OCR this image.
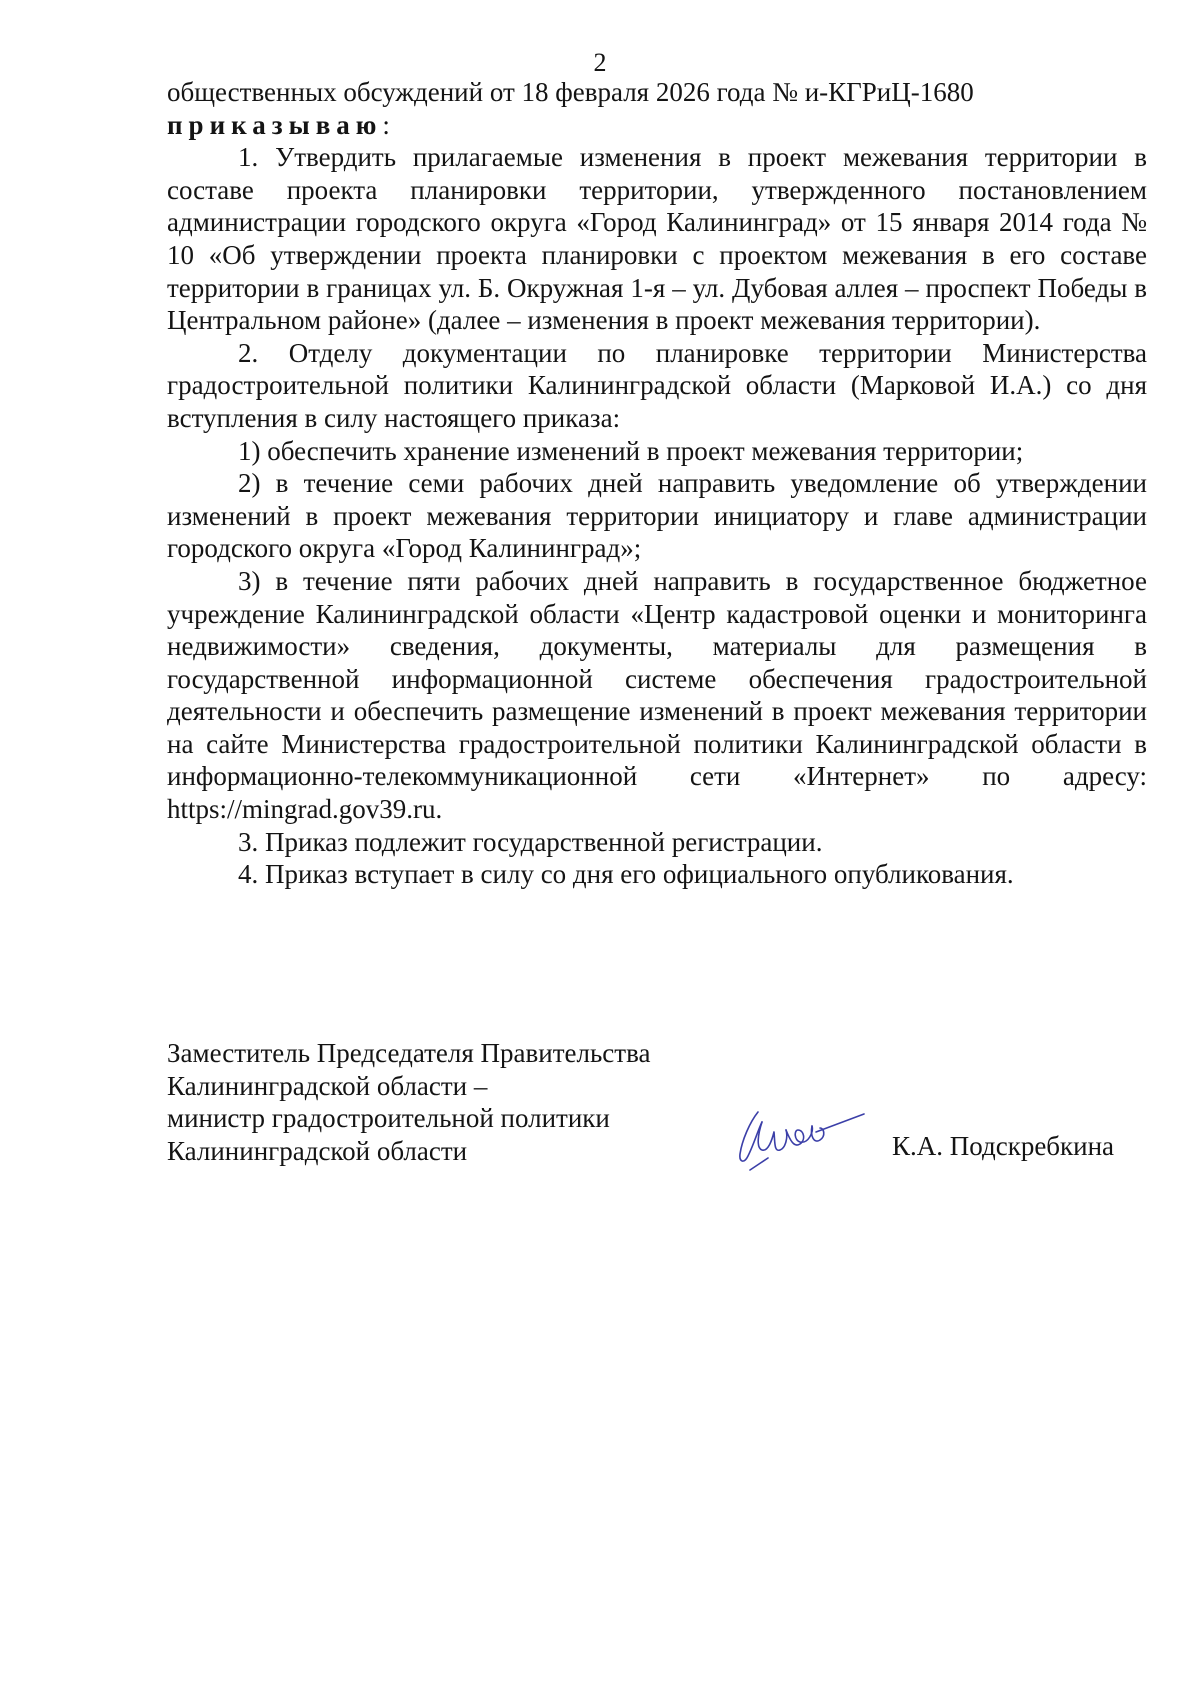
2

общественных обсуждений от 18 февраля 2026 года № и-КГРиЦ-1680
приказываю:

1. Утвердить прилагаемые изменения в проект межевания территории в составе проекта планировки территории, утвержденного постановлением администрации городского округа «Город Калининград» от 15 января 2014 года № 10 «Об утверждении проекта планировки с проектом межевания в его составе территории в границах ул. Б. Окружная 1-я – ул. Дубовая аллея – проспект Победы в Центральном районе» (далее – изменения в проект межевания территории).

2. Отделу документации по планировке территории Министерства градостроительной политики Калининградской области (Марковой И.А.) со дня вступления в силу настоящего приказа:

1) обеспечить хранение изменений в проект межевания территории;

2) в течение семи рабочих дней направить уведомление об утверждении изменений в проект межевания территории инициатору и главе администрации городского округа «Город Калининград»;

3) в течение пяти рабочих дней направить в государственное бюджетное учреждение Калининградской области «Центр кадастровой оценки и мониторинга недвижимости» сведения, документы, материалы для размещения в государственной информационной системе обеспечения градостроительной деятельности и обеспечить размещение изменений в проект межевания территории на сайте Министерства градостроительной политики Калининградской области в информационно-телекоммуникационной сети «Интернет» по адресу: https://mingrad.gov39.ru.

3. Приказ подлежит государственной регистрации.

4. Приказ вступает в силу со дня его официального опубликования.

Заместитель Председателя Правительства
Калининградской области –
министр градостроительной политики
Калининградской области	К.А. Подскребкина
